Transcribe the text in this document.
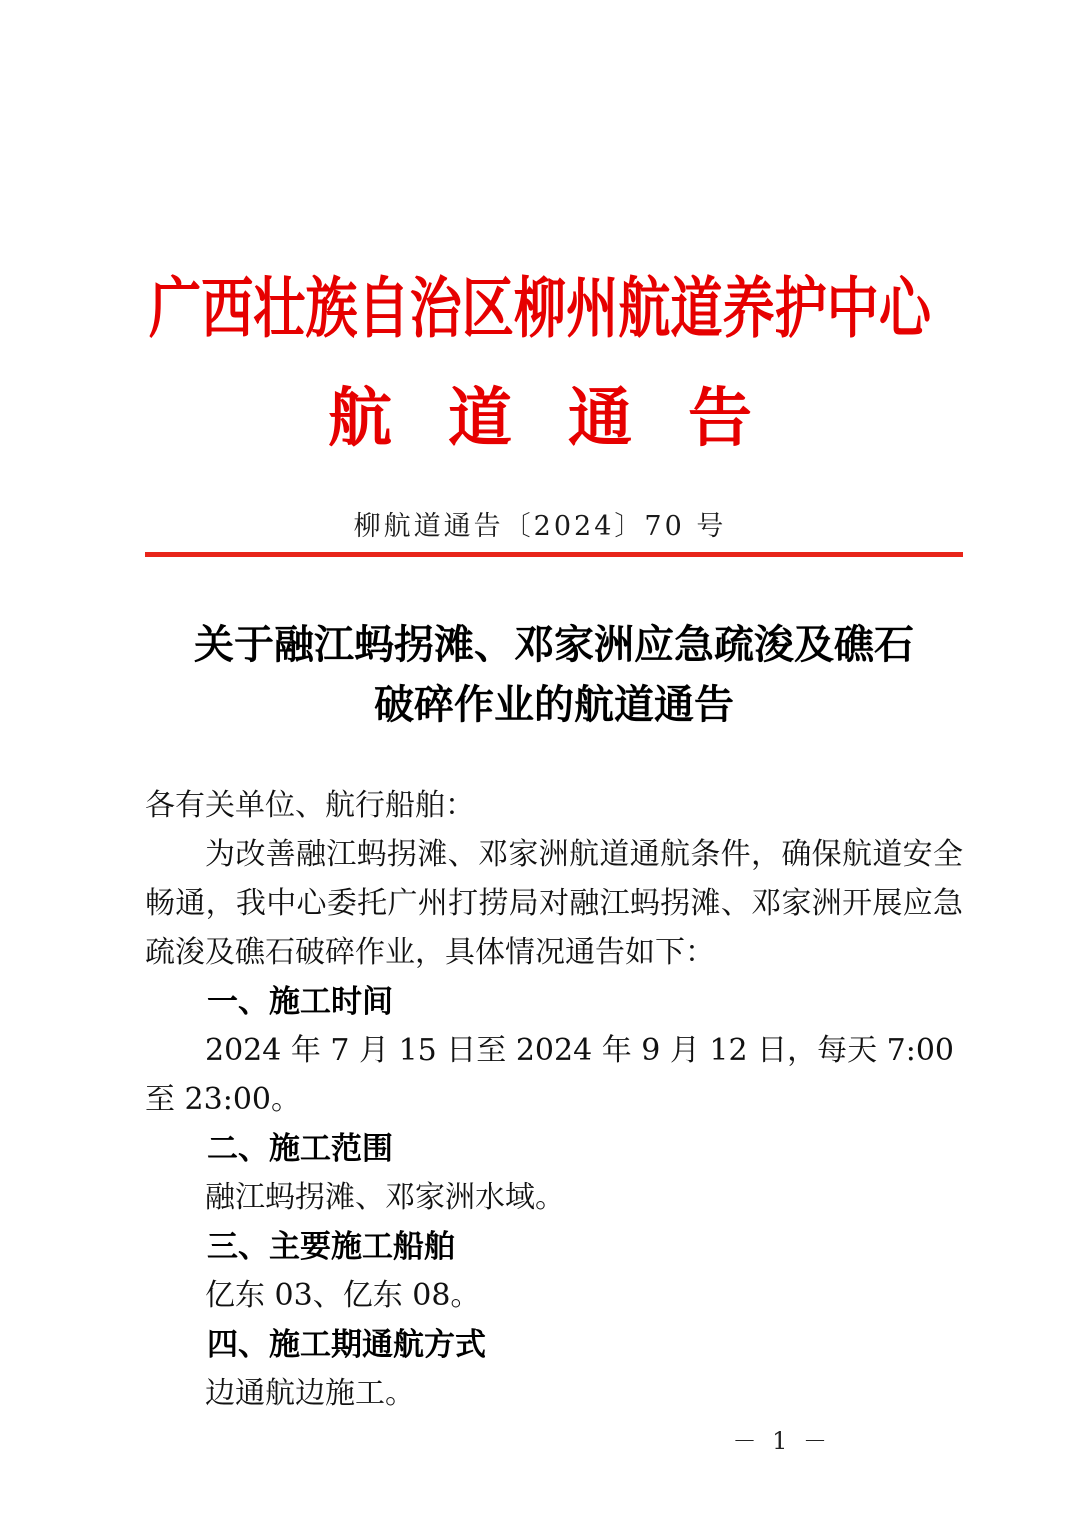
广西壮族自治区柳州航道养护中心
航道通告
柳航道通告〔2024〕70 号
关于融江蚂拐滩、邓家洲应急疏浚及礁石
破碎作业的航道通告

各有关单位、航行船舶：

为改善融江蚂拐滩、邓家洲航道通航条件，确保航道安全畅通，我中心委托广州打捞局对融江蚂拐滩、邓家洲开展应急疏浚及礁石破碎作业，具体情况通告如下：

一、施工时间

2024 年 7 月 15 日至 2024 年 9 月 12 日，每天 7:00 至 23:00。

二、施工范围

融江蚂拐滩、邓家洲水域。

三、主要施工船舶

亿东 03、亿东 08。

四、施工期通航方式

边通航边施工。

－ 1 －
